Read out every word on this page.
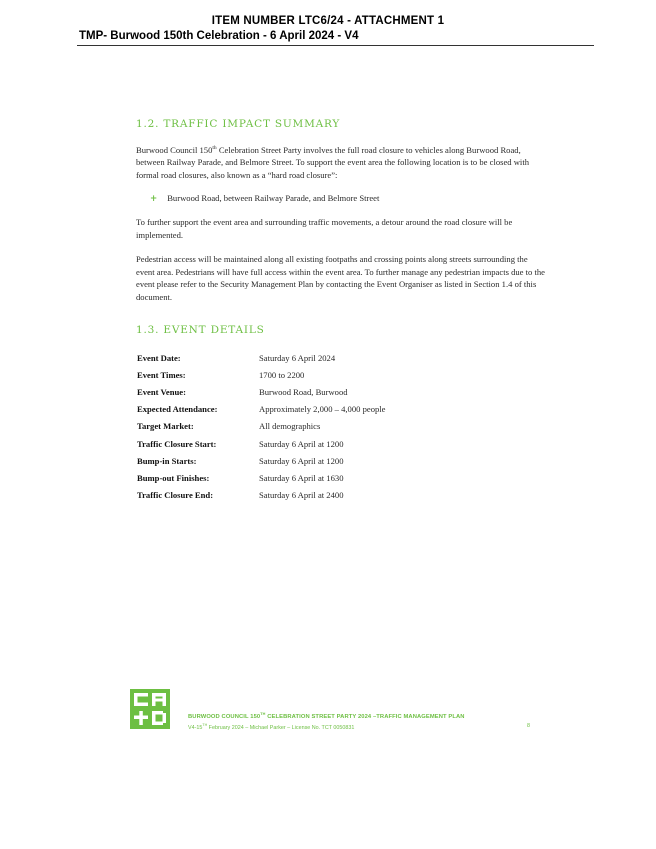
ITEM NUMBER LTC6/24 - ATTACHMENT 1
TMP- Burwood 150th Celebration - 6 April 2024 - V4
1.2. TRAFFIC IMPACT SUMMARY
Burwood Council 150th Celebration Street Party involves the full road closure to vehicles along Burwood Road, between Railway Parade, and Belmore Street. To support the event area the following location is to be closed with formal road closures, also known as a “hard road closure”:
+ Burwood Road, between Railway Parade, and Belmore Street
To further support the event area and surrounding traffic movements, a detour around the road closure will be implemented.
Pedestrian access will be maintained along all existing footpaths and crossing points along streets surrounding the event area. Pedestrians will have full access within the event area. To further manage any pedestrian impacts due to the event please refer to the Security Management Plan by contacting the Event Organiser as listed in Section 1.4 of this document.
1.3. EVENT DETAILS
Event Date:	Saturday 6 April 2024
Event Times:	1700 to 2200
Event Venue:	Burwood Road, Burwood
Expected Attendance:	Approximately 2,000 – 4,000 people
Target Market:	All demographics
Traffic Closure Start:	Saturday 6 April at 1200
Bump-in Starts:	Saturday 6 April at 1200
Bump-out Finishes:	Saturday 6 April at 1630
Traffic Closure End:	Saturday 6 April at 2400
BURWOOD COUNCIL 150TH CELEBRATION STREET PARTY 2024 –TRAFFIC MANAGEMENT PLAN
V4-15TH February 2024 – Michael Parker – License No. TCT 0050831	8
